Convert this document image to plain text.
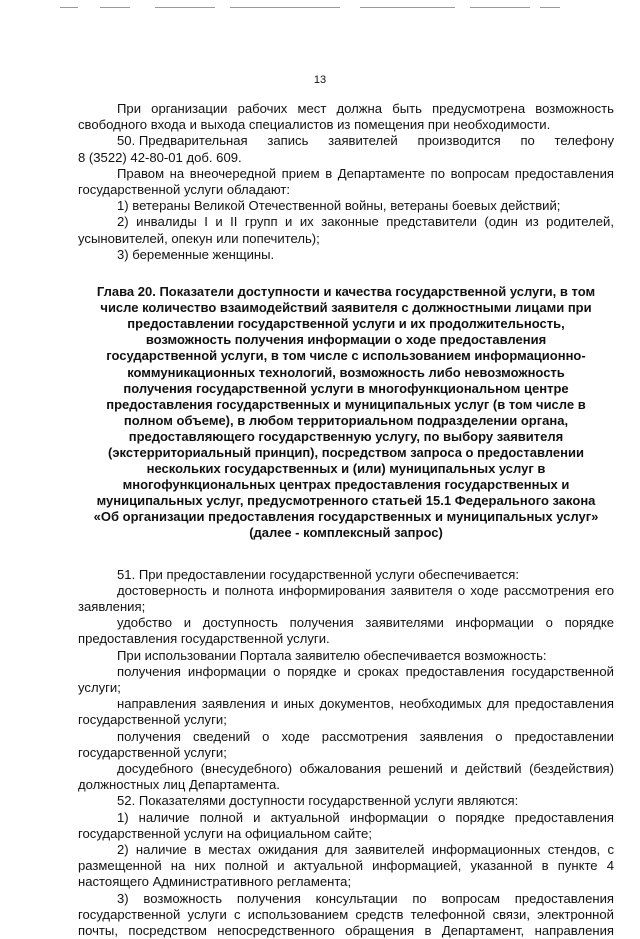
13

При организации рабочих мест должна быть предусмотрена возможность свободного входа и выхода специалистов из помещения при необходимости.

50. Предварительная запись заявителей производится по телефону

8 (3522) 42-80-01 доб. 609.

Правом на внеочередной прием в Департаменте по вопросам предоставления государственной услуги обладают:

1) ветераны Великой Отечественной войны, ветераны боевых действий;

2) инвалиды I и II групп и их законные представители (один из родителей, усыновителей, опекун или попечитель);

3) беременные женщины.

Глава 20. Показатели доступности и качества государственной услуги, в том числе количество взаимодействий заявителя с должностными лицами при предоставлении государственной услуги и их продолжительность, возможность получения информации о ходе предоставления государственной услуги, в том числе с использованием информационно-коммуникационных технологий, возможность либо невозможность получения государственной услуги в многофункциональном центре предоставления государственных и муниципальных услуг (в том числе в полном объеме), в любом территориальном подразделении органа, предоставляющего государственную услугу, по выбору заявителя (экстерриториальный принцип), посредством запроса о предоставлении нескольких государственных и (или) муниципальных услуг в многофункциональных центрах предоставления государственных и муниципальных услуг, предусмотренного статьей 15.1 Федерального закона «Об организации предоставления государственных и муниципальных услуг» (далее - комплексный запрос)

51. При предоставлении государственной услуги обеспечивается:

достоверность и полнота информирования заявителя о ходе рассмотрения его заявления;

удобство и доступность получения заявителями информации о порядке предоставления государственной услуги.

При использовании Портала заявителю обеспечивается возможность:

получения информации о порядке и сроках предоставления государственной услуги;

направления заявления и иных документов, необходимых для предоставления государственной услуги;

получения сведений о ходе рассмотрения заявления о предоставлении государственной услуги;

досудебного (внесудебного) обжалования решений и действий (бездействия) должностных лиц Департамента.

52. Показателями доступности государственной услуги являются:

1) наличие полной и актуальной информации о порядке предоставления государственной услуги на официальном сайте;

2) наличие в местах ожидания для заявителей информационных стендов, с размещенной на них полной и актуальной информацией, указанной в пункте 4 настоящего Административного регламента;

3) возможность получения консультации по вопросам предоставления государственной услуги с использованием средств телефонной связи, электронной почты, посредством непосредственного обращения в Департамент, направления
